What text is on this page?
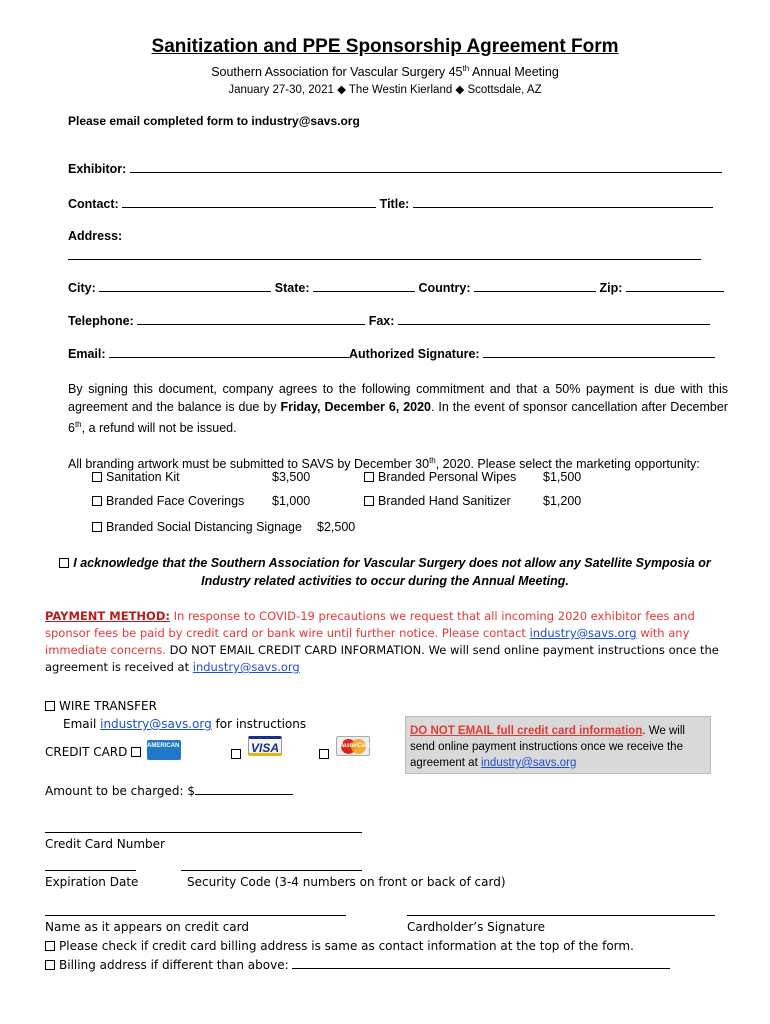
Sanitization and PPE Sponsorship Agreement Form
Southern Association for Vascular Surgery 45th Annual Meeting
January 27-30, 2021 ◆ The Westin Kierland ◆ Scottsdale, AZ
Please email completed form to industry@savs.org
Exhibitor:
Contact:	Title:
Address:
City:	State:	Country:	Zip:
Telephone:	Fax:
Email:	Authorized Signature:
By signing this document, company agrees to the following commitment and that a 50% payment is due with this agreement and the balance is due by Friday, December 6, 2020. In the event of sponsor cancellation after December 6th, a refund will not be issued.
All branding artwork must be submitted to SAVS by December 30th, 2020. Please select the marketing opportunity:
Sanitation Kit	$3,500	Branded Personal Wipes $1,500
Branded Face Coverings $1,000	Branded Hand Sanitizer	$1,200
Branded Social Distancing Signage $2,500
I acknowledge that the Southern Association for Vascular Surgery does not allow any Satellite Symposia or
Industry related activities to occur during the Annual Meeting.
PAYMENT METHOD: In response to COVID-19 precautions we request that all incoming 2020 exhibitor fees and sponsor fees be paid by credit card or bank wire until further notice. Please contact industry@savs.org with any immediate concerns. DO NOT EMAIL CREDIT CARD INFORMATION. We will send online payment instructions once the agreement is received at industry@savs.org
WIRE TRANSFER
Email industry@savs.org for instructions
CREDIT CARD	AMERICAN EXPRESS	VISA	MasterCard
DO NOT EMAIL full credit card information. We will send online payment instructions once we receive the agreement at industry@savs.org
Amount to be charged: $
Credit Card Number
Expiration Date	Security Code (3-4 numbers on front or back of card)
Name as it appears on credit card	Cardholder’s Signature
Please check if credit card billing address is same as contact information at the top of the form.
Billing address if different than above:
